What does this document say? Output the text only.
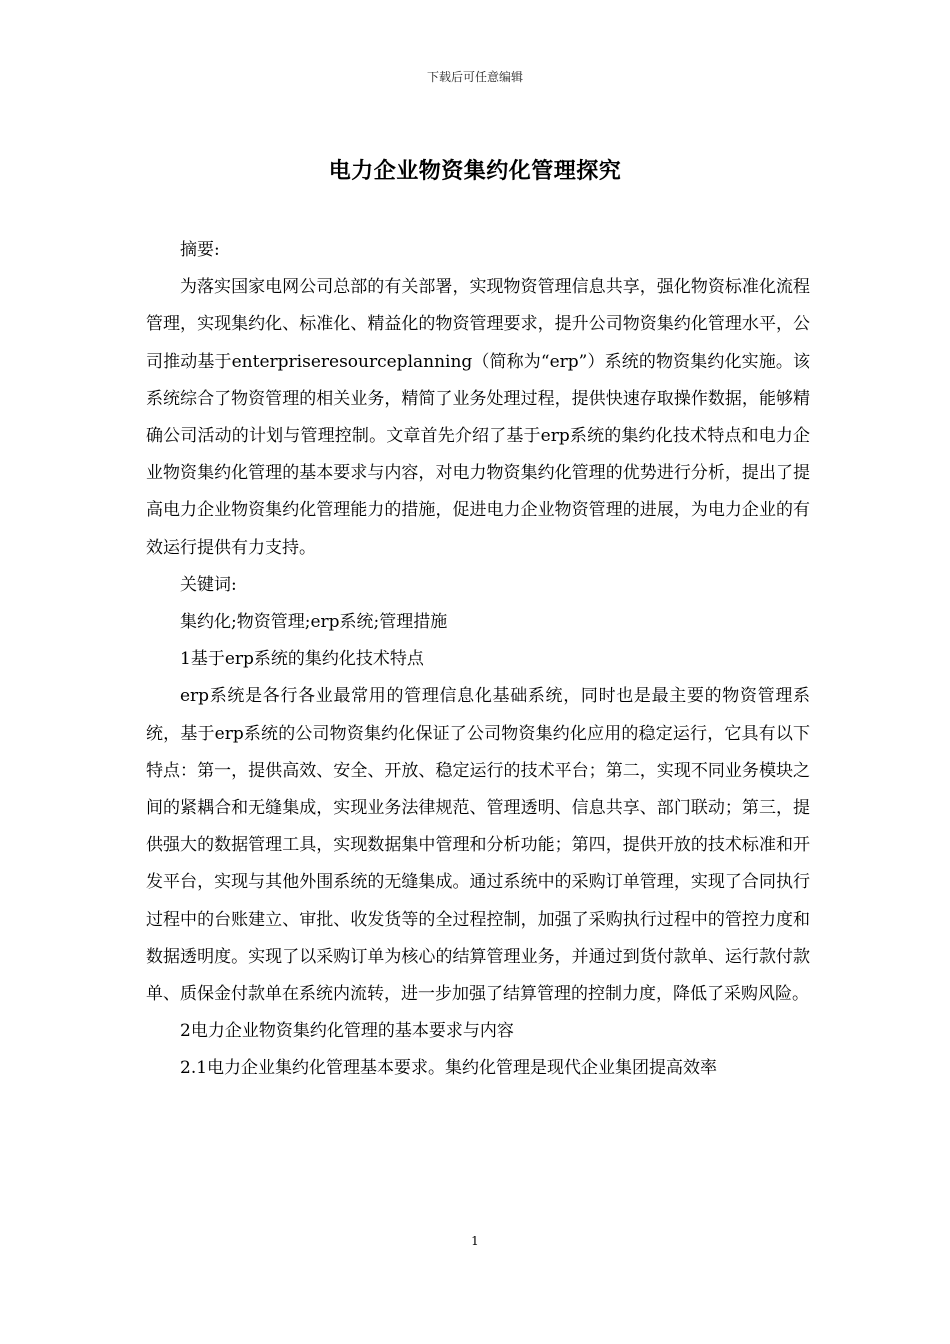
下载后可任意编辑
电力企业物资集约化管理探究

摘要:

为落实国家电网公司总部的有关部署，实现物资管理信息共享，强化物资标准化流程管理，实现集约化、标准化、精益化的物资管理要求，提升公司物资集约化管理水平，公司推动基于enterpriseresourceplanning（简称为“erp”）系统的物资集约化实施。该系统综合了物资管理的相关业务，精简了业务处理过程，提供快速存取操作数据，能够精确公司活动的计划与管理控制。文章首先介绍了基于erp系统的集约化技术特点和电力企业物资集约化管理的基本要求与内容，对电力物资集约化管理的优势进行分析，提出了提高电力企业物资集约化管理能力的措施，促进电力企业物资管理的进展，为电力企业的有效运行提供有力支持。

关键词:

集约化;物资管理;erp系统;管理措施

1基于erp系统的集约化技术特点

erp系统是各行各业最常用的管理信息化基础系统，同时也是最主要的物资管理系统，基于erp系统的公司物资集约化保证了公司物资集约化应用的稳定运行，它具有以下特点：第一，提供高效、安全、开放、稳定运行的技术平台；第二，实现不同业务模块之间的紧耦合和无缝集成，实现业务法律规范、管理透明、信息共享、部门联动；第三，提供强大的数据管理工具，实现数据集中管理和分析功能；第四，提供开放的技术标准和开发平台，实现与其他外围系统的无缝集成。通过系统中的采购订单管理，实现了合同执行过程中的台账建立、审批、收发货等的全过程控制，加强了采购执行过程中的管控力度和数据透明度。实现了以采购订单为核心的结算管理业务，并通过到货付款单、运行款付款单、质保金付款单在系统内流转，进一步加强了结算管理的控制力度，降低了采购风险。

2电力企业物资集约化管理的基本要求与内容

2.1电力企业集约化管理基本要求。集约化管理是现代企业集团提高效率

1
